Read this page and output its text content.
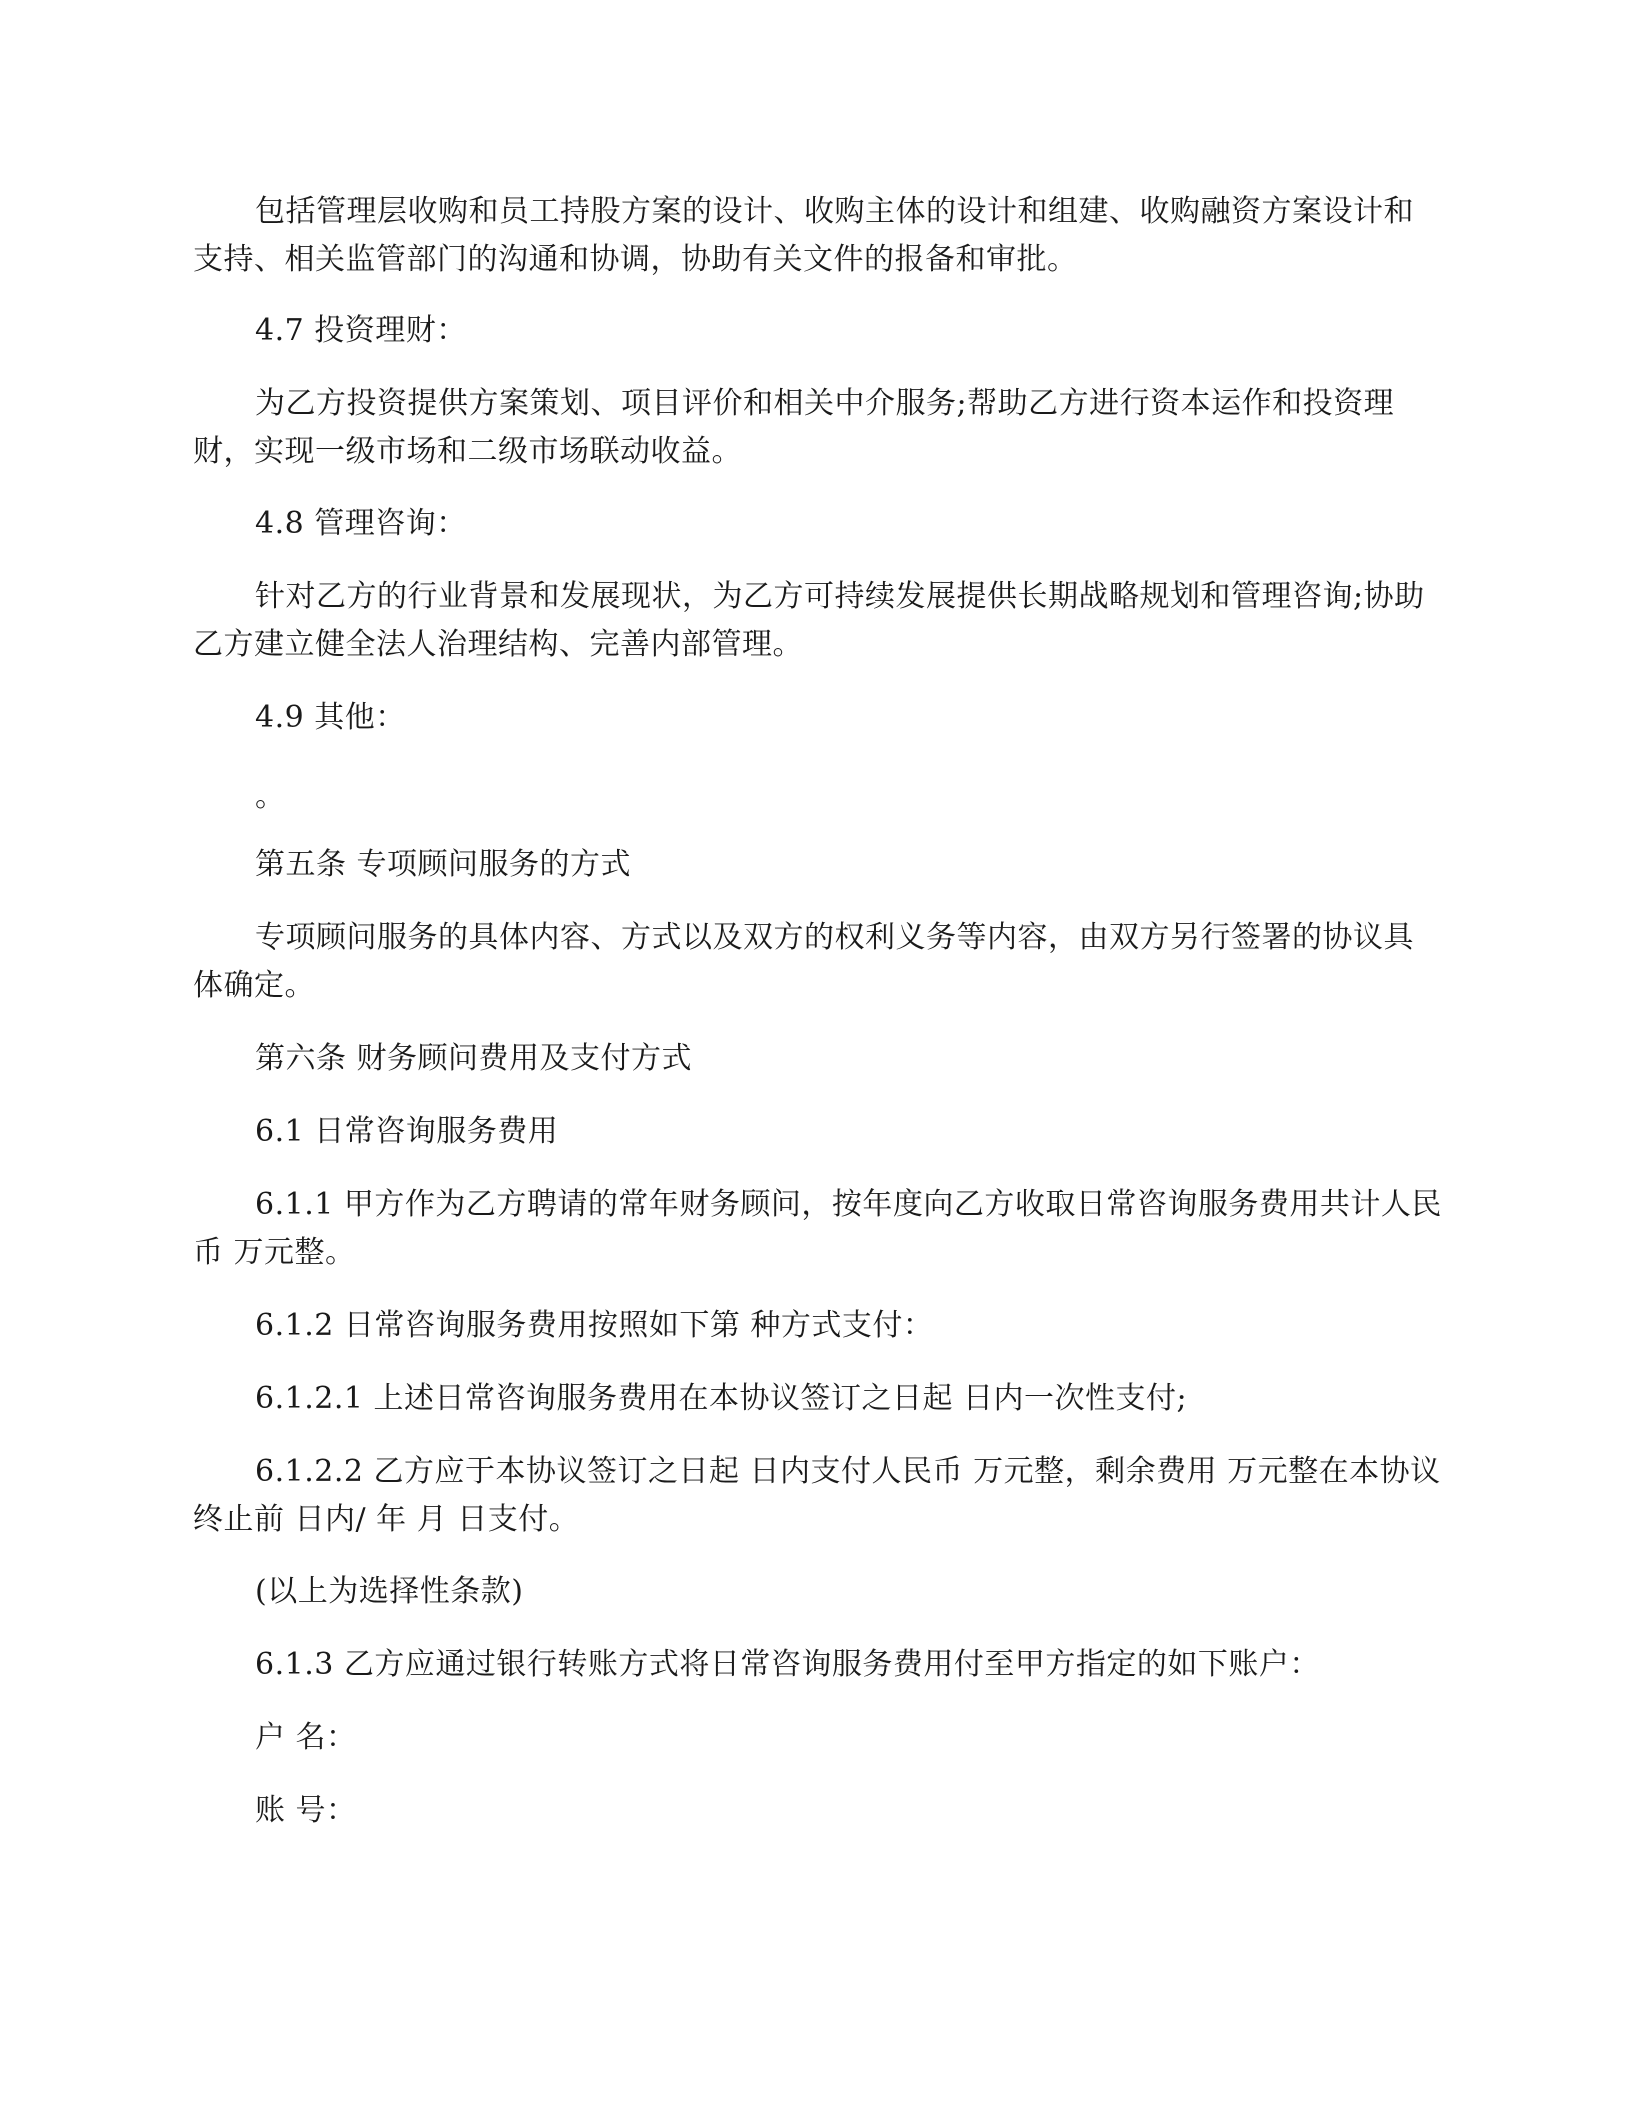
包括管理层收购和员工持股方案的设计、收购主体的设计和组建、收购融资方案设计和支持、相关监管部门的沟通和协调，协助有关文件的报备和审批。

4.7 投资理财：

为乙方投资提供方案策划、项目评价和相关中介服务;帮助乙方进行资本运作和投资理财，实现一级市场和二级市场联动收益。

4.8 管理咨询：

针对乙方的行业背景和发展现状，为乙方可持续发展提供长期战略规划和管理咨询;协助乙方建立健全法人治理结构、完善内部管理。

4.9 其他：

。

第五条 专项顾问服务的方式

专项顾问服务的具体内容、方式以及双方的权利义务等内容，由双方另行签署的协议具体确定。

第六条 财务顾问费用及支付方式

6.1 日常咨询服务费用

6.1.1 甲方作为乙方聘请的常年财务顾问，按年度向乙方收取日常咨询服务费用共计人民币 万元整。

6.1.2 日常咨询服务费用按照如下第 种方式支付：

6.1.2.1 上述日常咨询服务费用在本协议签订之日起 日内一次性支付;

6.1.2.2 乙方应于本协议签订之日起 日内支付人民币 万元整，剩余费用 万元整在本协议终止前 日内/ 年 月 日支付。

(以上为选择性条款)

6.1.3 乙方应通过银行转账方式将日常咨询服务费用付至甲方指定的如下账户：

户 名：

账 号：
